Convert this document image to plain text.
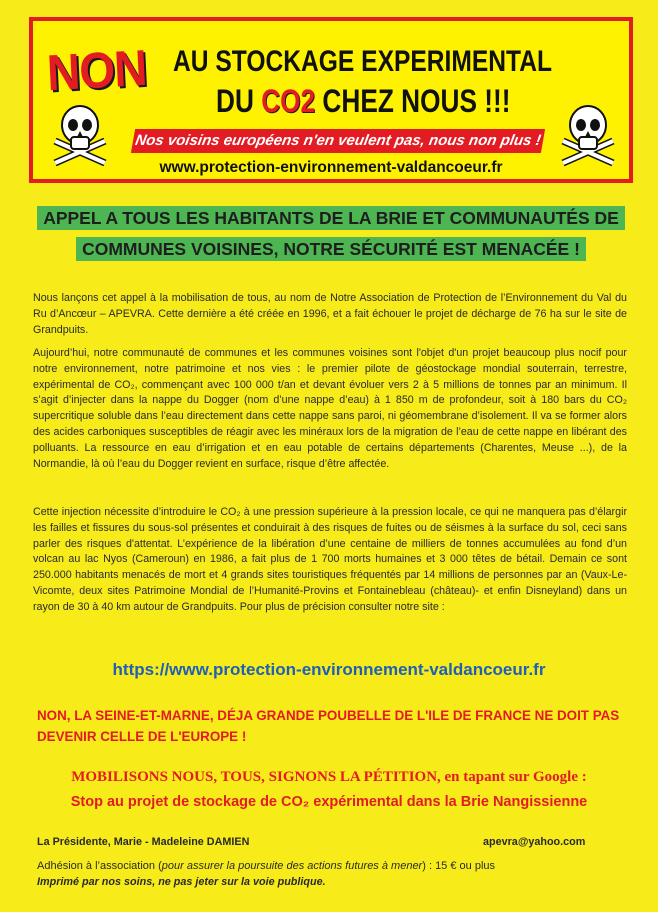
NON AU STOCKAGE EXPERIMENTAL
DU CO2 CHEZ NOUS !!!
Nos voisins européens n'en veulent pas, nous non plus !
www.protection-environnement-valdancoeur.fr
APPEL A TOUS LES HABITANTS DE LA BRIE ET COMMUNAUTÉS DE COMMUNES VOISINES, NOTRE SÉCURITÉ EST MENACÉE !
Nous lançons cet appel à la mobilisation de tous, au nom de Notre Association de Protection de l’Environnement du Val du Ru d’Ancœur – APEVRA. Cette dernière a été créée en 1996, et a fait échouer le projet de décharge de 76 ha sur le site de Grandpuits.
Aujourd’hui, notre communauté de communes et les communes voisines sont l'objet d'un projet beaucoup plus nocif pour notre environnement, notre patrimoine et nos vies : le premier pilote de géostockage mondial souterrain, terrestre, expérimental de CO₂, commençant avec 100 000 t/an et devant évoluer vers 2 à 5 millions de tonnes par an minimum. Il s’agit d’injecter dans la nappe du Dogger (nom d’une nappe d’eau) à 1 850 m de profondeur, soit à 180 bars du CO₂ supercritique soluble dans l’eau directement dans cette nappe sans paroi, ni géomembrane d’isolement. Il va se former alors des acides carboniques susceptibles de réagir avec les minéraux lors de la migration de l’eau de cette nappe en libérant des polluants. La ressource en eau d’irrigation et en eau potable de certains départements (Charentes, Meuse ...), de la Normandie, là où l’eau du Dogger revient en surface, risque d’être affectée.
Cette injection nécessite d’introduire le CO₂ à une pression supérieure à la pression locale, ce qui ne manquera pas d’élargir les failles et fissures du sous-sol présentes et conduirait à des risques de fuites ou de séismes à la surface du sol, ceci sans parler des risques d'attentat. L’expérience de la libération d’une centaine de milliers de tonnes accumulées au fond d’un volcan au lac Nyos (Cameroun) en 1986, a fait plus de 1 700 morts humaines et 3 000 têtes de bétail. Demain ce sont 250.000 habitants menacés de mort et 4 grands sites touristiques fréquentés par 14 millions de personnes par an (Vaux-Le-Vicomte, deux sites Patrimoine Mondial de l’Humanité-Provins et Fontainebleau (château)- et enfin Disneyland) dans un rayon de 30 à 40 km autour de Grandpuits. Pour plus de précision consulter notre site :
https://www.protection-environnement-valdancoeur.fr
NON, LA SEINE-ET-MARNE, DÉJA GRANDE POUBELLE DE L'ILE DE FRANCE NE DOIT PAS DEVENIR CELLE DE L'EUROPE !
MOBILISONS NOUS, TOUS, SIGNONS LA PÉTITION, en tapant sur Google :
Stop au projet de stockage de CO₂ expérimental dans la Brie Nangissienne
La Présidente, Marie - Madeleine DAMIEN	apevra@yahoo.com
Adhésion à l’association (pour assurer la poursuite des actions futures à mener) : 15 € ou plus
Imprimé par nos soins, ne pas jeter sur la voie publique.
